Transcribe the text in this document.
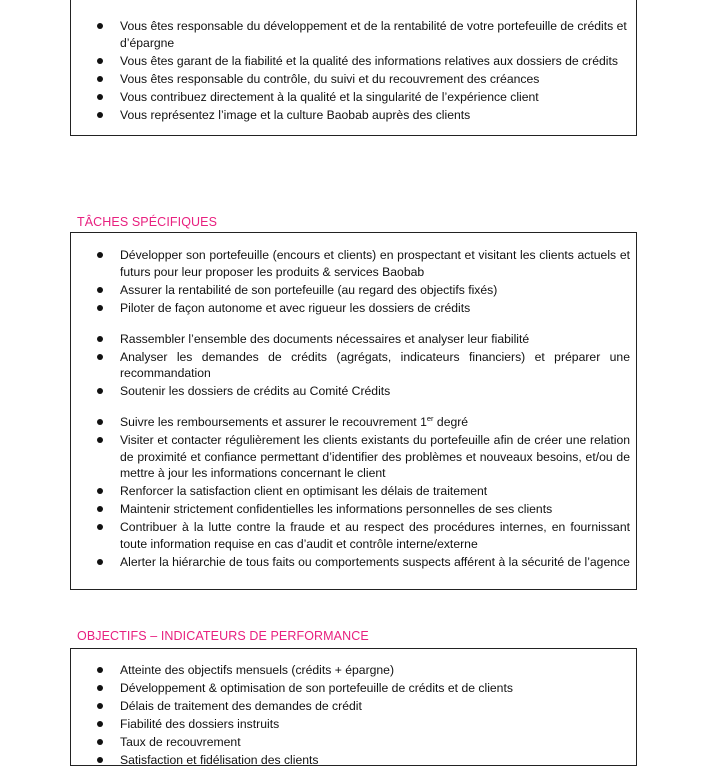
Vous êtes responsable du développement et de la rentabilité de votre portefeuille de crédits et d’épargne
Vous êtes garant de la fiabilité et la qualité des informations relatives aux dossiers de crédits
Vous êtes responsable du contrôle, du suivi et du recouvrement des créances
Vous contribuez directement à la qualité et la singularité de l’expérience client
Vous représentez l’image et la culture Baobab auprès des clients
TÂCHES SPÉCIFIQUES
Développer son portefeuille (encours et clients) en prospectant et visitant les clients actuels et futurs pour leur proposer les produits & services Baobab
Assurer la rentabilité de son portefeuille (au regard des objectifs fixés)
Piloter de façon autonome et avec rigueur les dossiers de crédits
Rassembler l’ensemble des documents nécessaires et analyser leur fiabilité
Analyser les demandes de crédits (agrégats, indicateurs financiers) et préparer une recommandation
Soutenir les dossiers de crédits au Comité Crédits
Suivre les remboursements et assurer le recouvrement 1er degré
Visiter et contacter régulièrement les clients existants du portefeuille afin de créer une relation de proximité et confiance permettant d’identifier des problèmes et nouveaux besoins, et/ou de mettre à jour les informations concernant le client
Renforcer la satisfaction client en optimisant les délais de traitement
Maintenir strictement confidentielles les informations personnelles de ses clients
Contribuer à la lutte contre la fraude et au respect des procédures internes, en fournissant toute information requise en cas d’audit et contrôle interne/externe
Alerter la hiérarchie de tous faits ou comportements suspects afférent à la sécurité de l’agence
OBJECTIFS – INDICATEURS DE PERFORMANCE
Atteinte des objectifs mensuels (crédits + épargne)
Développement & optimisation de son portefeuille de crédits et de clients
Délais de traitement des demandes de crédit
Fiabilité des dossiers instruits
Taux de recouvrement
Satisfaction et fidélisation des clients
